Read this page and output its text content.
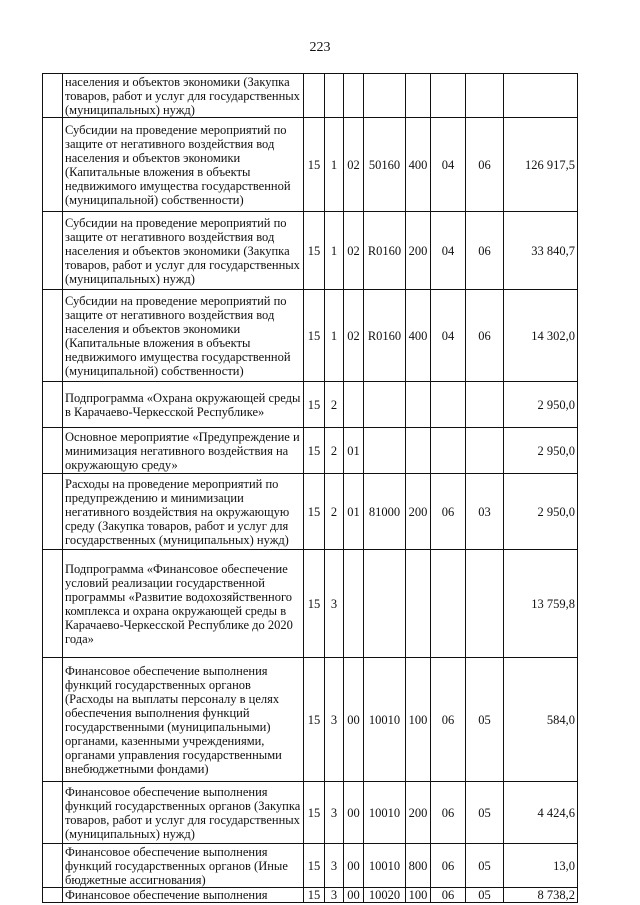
223
	населения и объектов экономики (Закупка товаров, работ и услуг для государственных (муниципальных) нужд)								
	Субсидии на проведение мероприятий по защите от негативного воздействия вод населения и объектов экономики (Капитальные вложения в объекты недвижимого имущества государственной (муниципальной) собственности)	15	1	02	50160	400	04	06	126 917,5
	Субсидии на проведение мероприятий по защите от негативного воздействия вод населения и объектов экономики (Закупка товаров, работ и услуг для государственных (муниципальных) нужд)	15	1	02	R0160	200	04	06	33 840,7
	Субсидии на проведение мероприятий по защите от негативного воздействия вод населения и объектов экономики (Капитальные вложения в объекты недвижимого имущества государственной (муниципальной) собственности)	15	1	02	R0160	400	04	06	14 302,0
	Подпрограмма «Охрана окружающей среды в Карачаево-Черкесской Республике»	15	2						2 950,0
	Основное мероприятие «Предупреждение и минимизация негативного воздействия на окружающую среду»	15	2	01					2 950,0
	Расходы на проведение мероприятий по предупреждению и минимизации негативного воздействия на окружающую среду (Закупка товаров, работ и услуг для государственных (муниципальных) нужд)	15	2	01	81000	200	06	03	2 950,0
	Подпрограмма «Финансовое обеспечение условий реализации государственной программы «Развитие водохозяйственного комплекса и охрана окружающей среды в Карачаево-Черкесской Республике до 2020 года»	15	3						13 759,8
	Финансовое обеспечение выполнения функций государственных органов (Расходы на выплаты персоналу в целях обеспечения выполнения функций государственными (муниципальными) органами, казенными учреждениями, органами управления государственными внебюджетными фондами)	15	3	00	10010	100	06	05	584,0
	Финансовое обеспечение выполнения функций государственных органов (Закупка товаров, работ и услуг для государственных (муниципальных) нужд)	15	3	00	10010	200	06	05	4 424,6
	Финансовое обеспечение выполнения функций государственных органов (Иные бюджетные ассигнования)	15	3	00	10010	800	06	05	13,0
	Финансовое обеспечение выполнения	15	3	00	10020	100	06	05	8 738,2
